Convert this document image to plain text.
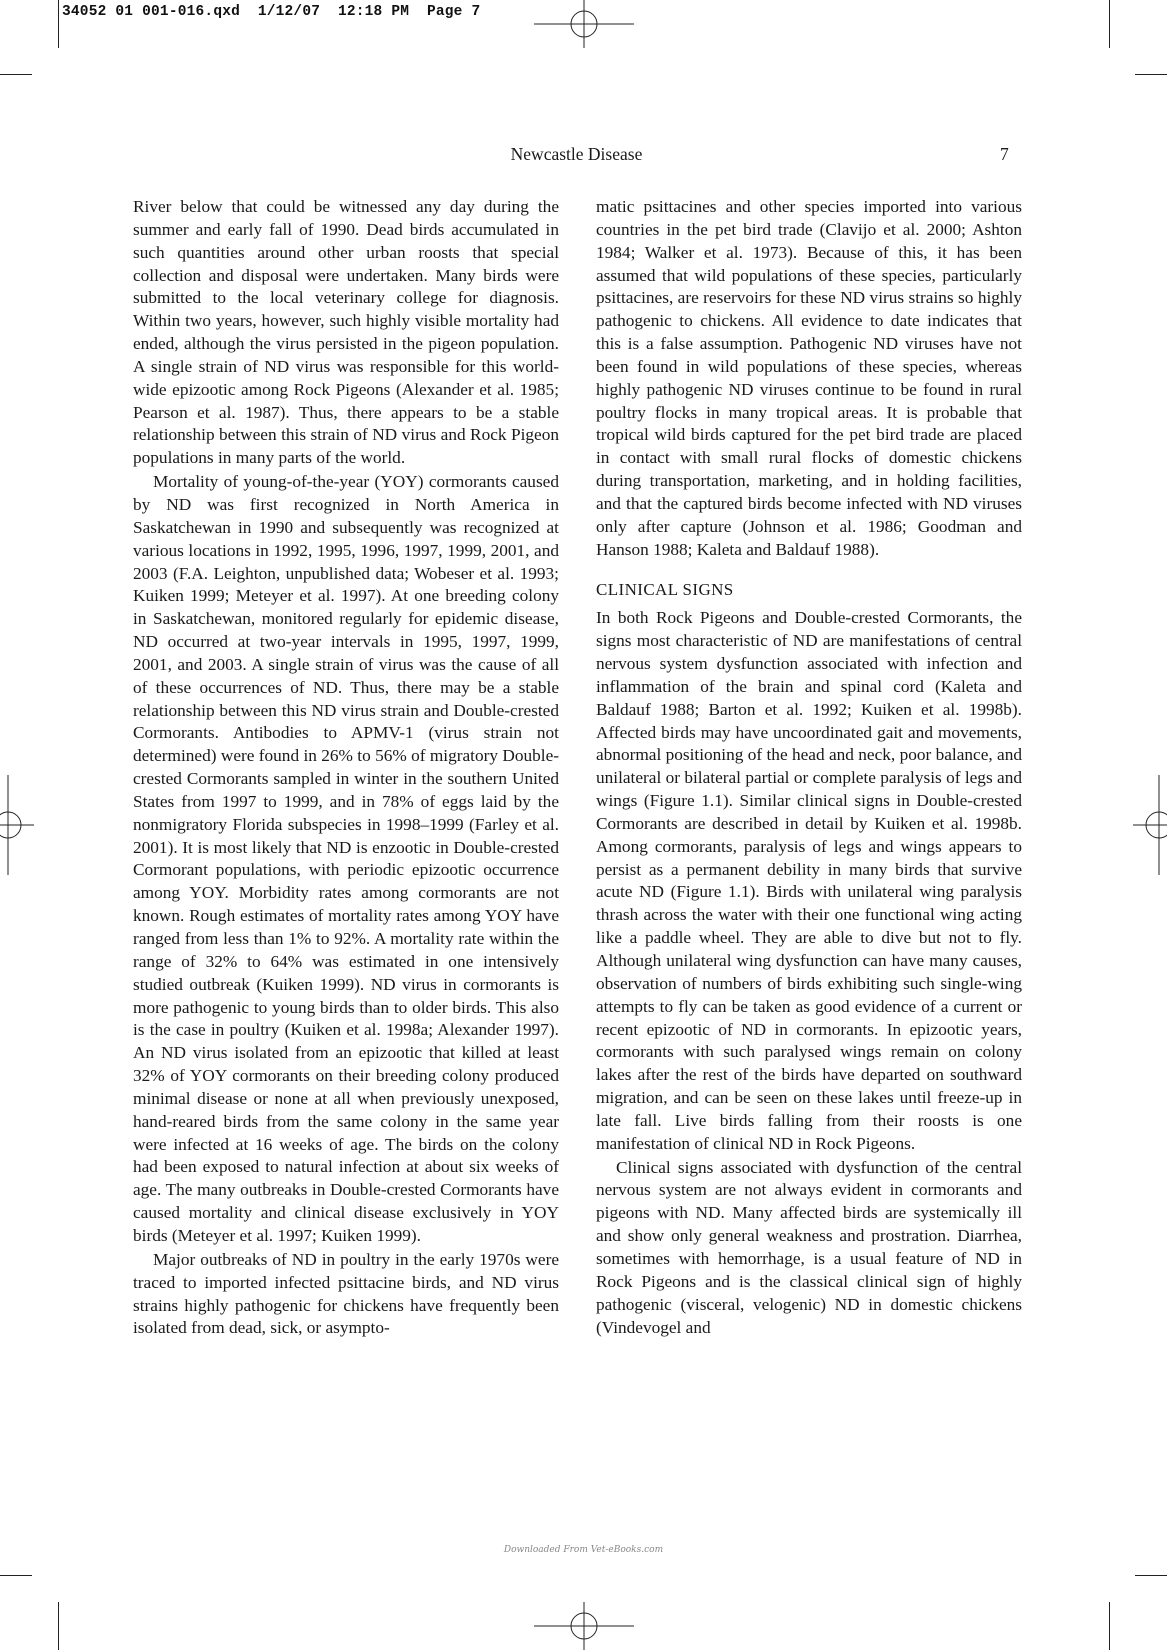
34052 01 001-016.qxd  1/12/07  12:18 PM  Page 7
Newcastle Disease	7

River below that could be witnessed any day during the summer and early fall of 1990. Dead birds accumulated in such quantities around other urban roosts that special collection and disposal were undertaken. Many birds were submitted to the local veterinary college for diagnosis. Within two years, however, such highly visible mortality had ended, although the virus persisted in the pigeon population. A single strain of ND virus was responsible for this world-wide epizootic among Rock Pigeons (Alexander et al. 1985; Pearson et al. 1987). Thus, there appears to be a stable relationship between this strain of ND virus and Rock Pigeon populations in many parts of the world.

Mortality of young-of-the-year (YOY) cormorants caused by ND was first recognized in North America in Saskatchewan in 1990 and subsequently was recognized at various locations in 1992, 1995, 1996, 1997, 1999, 2001, and 2003 (F.A. Leighton, unpublished data; Wobeser et al. 1993; Kuiken 1999; Meteyer et al. 1997). At one breeding colony in Saskatchewan, monitored regularly for epidemic disease, ND occurred at two-year intervals in 1995, 1997, 1999, 2001, and 2003. A single strain of virus was the cause of all of these occurrences of ND. Thus, there may be a stable relationship between this ND virus strain and Double-crested Cormorants. Antibodies to APMV-1 (virus strain not determined) were found in 26% to 56% of migratory Double-crested Cormorants sampled in winter in the southern United States from 1997 to 1999, and in 78% of eggs laid by the nonmigratory Florida subspecies in 1998–1999 (Farley et al. 2001). It is most likely that ND is enzootic in Double-crested Cormorant populations, with periodic epizootic occurrence among YOY. Morbidity rates among cormorants are not known. Rough estimates of mortality rates among YOY have ranged from less than 1% to 92%. A mortality rate within the range of 32% to 64% was estimated in one intensively studied outbreak (Kuiken 1999). ND virus in cormorants is more pathogenic to young birds than to older birds. This also is the case in poultry (Kuiken et al. 1998a; Alexander 1997). An ND virus isolated from an epizootic that killed at least 32% of YOY cormorants on their breeding colony produced minimal disease or none at all when previously unexposed, hand-reared birds from the same colony in the same year were infected at 16 weeks of age. The birds on the colony had been exposed to natural infection at about six weeks of age. The many outbreaks in Double-crested Cormorants have caused mortality and clinical disease exclusively in YOY birds (Meteyer et al. 1997; Kuiken 1999).

Major outbreaks of ND in poultry in the early 1970s were traced to imported infected psittacine birds, and ND virus strains highly pathogenic for chickens have frequently been isolated from dead, sick, or asympto-

matic psittacines and other species imported into various countries in the pet bird trade (Clavijo et al. 2000; Ashton 1984; Walker et al. 1973). Because of this, it has been assumed that wild populations of these species, particularly psittacines, are reservoirs for these ND virus strains so highly pathogenic to chickens. All evidence to date indicates that this is a false assumption. Pathogenic ND viruses have not been found in wild populations of these species, whereas highly pathogenic ND viruses continue to be found in rural poultry flocks in many tropical areas. It is probable that tropical wild birds captured for the pet bird trade are placed in contact with small rural flocks of domestic chickens during transportation, marketing, and in holding facilities, and that the captured birds become infected with ND viruses only after capture (Johnson et al. 1986; Goodman and Hanson 1988; Kaleta and Baldauf 1988).

CLINICAL SIGNS

In both Rock Pigeons and Double-crested Cormorants, the signs most characteristic of ND are manifestations of central nervous system dysfunction associated with infection and inflammation of the brain and spinal cord (Kaleta and Baldauf 1988; Barton et al. 1992; Kuiken et al. 1998b). Affected birds may have uncoordinated gait and movements, abnormal positioning of the head and neck, poor balance, and unilateral or bilateral partial or complete paralysis of legs and wings (Figure 1.1). Similar clinical signs in Double-crested Cormorants are described in detail by Kuiken et al. 1998b. Among cormorants, paralysis of legs and wings appears to persist as a permanent debility in many birds that survive acute ND (Figure 1.1). Birds with unilateral wing paralysis thrash across the water with their one functional wing acting like a paddle wheel. They are able to dive but not to fly. Although unilateral wing dysfunction can have many causes, observation of numbers of birds exhibiting such single-wing attempts to fly can be taken as good evidence of a current or recent epizootic of ND in cormorants. In epizootic years, cormorants with such paralysed wings remain on colony lakes after the rest of the birds have departed on southward migration, and can be seen on these lakes until freeze-up in late fall. Live birds falling from their roosts is one manifestation of clinical ND in Rock Pigeons.

Clinical signs associated with dysfunction of the central nervous system are not always evident in cormorants and pigeons with ND. Many affected birds are systemically ill and show only general weakness and prostration. Diarrhea, sometimes with hemorrhage, is a usual feature of ND in Rock Pigeons and is the classical clinical sign of highly pathogenic (visceral, velogenic) ND in domestic chickens (Vindevogel and

Downloaded From Vet-eBooks.com
